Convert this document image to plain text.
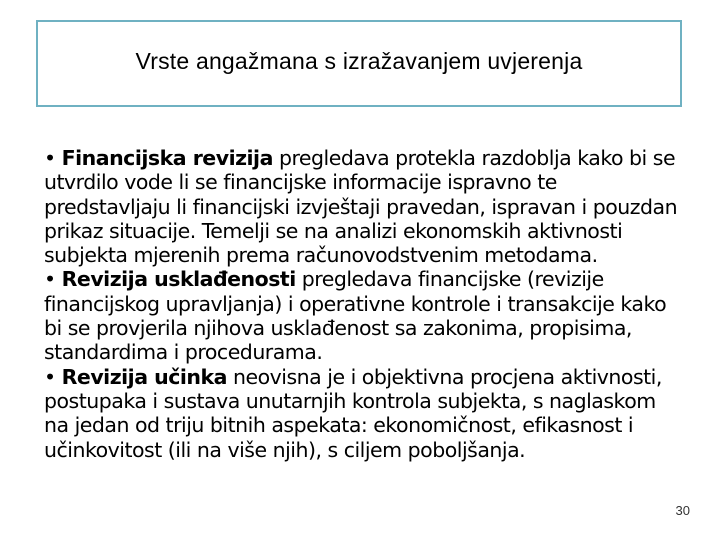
Vrste angažmana s izražavanjem uvjerenja

• Financijska revizija pregledava protekla razdoblja kako bi se utvrdilo vode li se financijske informacije ispravno te predstavljaju li financijski izvještaji pravedan, ispravan i pouzdan prikaz situacije. Temelji se na analizi ekonomskih aktivnosti subjekta mjerenih prema računovodstvenim metodama.

• Revizija usklađenosti pregledava financijske (revizije financijskog upravljanja) i operativne kontrole i transakcije kako bi se provjerila njihova usklađenost sa zakonima, propisima, standardima i procedurama.

• Revizija učinka neovisna je i objektivna procjena aktivnosti, postupaka i sustava unutarnjih kontrola subjekta, s naglaskom na jedan od triju bitnih aspekata: ekonomičnost, efikasnost i učinkovitost (ili na više njih), s ciljem poboljšanja.

30
